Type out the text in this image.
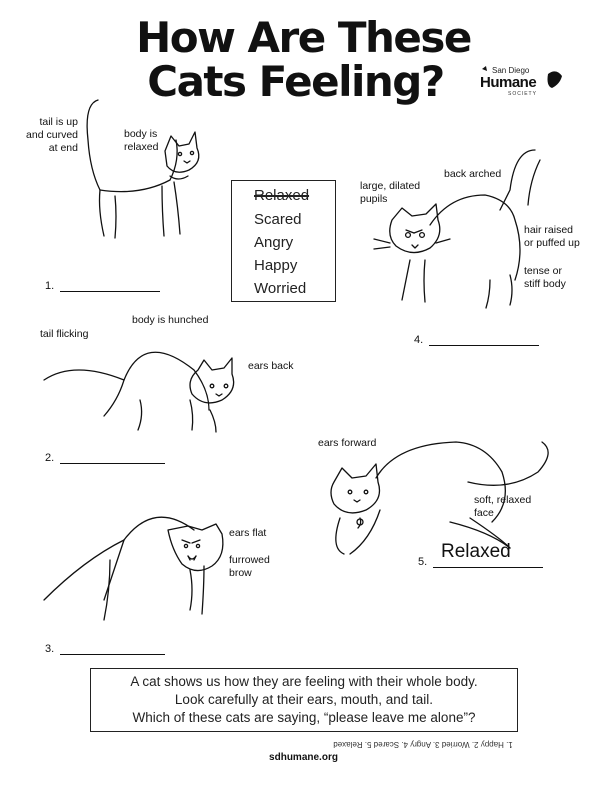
How Are These
Cats Feeling?	San Diego
Humane
SOCIETY
tail is up
and curved
at end
body is
relaxed
1.
Relaxed
Scared
Angry
Happy
Worried
large, dilated
pupils
back arched
hair raised
or puffed up
tense or
stiff body
4.
tail flicking
body is hunched
ears back
2.
ears forward
soft, relaxed
face
5. Relaxed
ears flat
furrowed
brow
3.
A cat shows us how they are feeling with their whole body.
Look carefully at their ears, mouth, and tail.
Which of these cats are saying, “please leave me alone”?
1. Happy 2. Worried 3. Angry 4. Scared 5. Relaxed
sdhumane.org
